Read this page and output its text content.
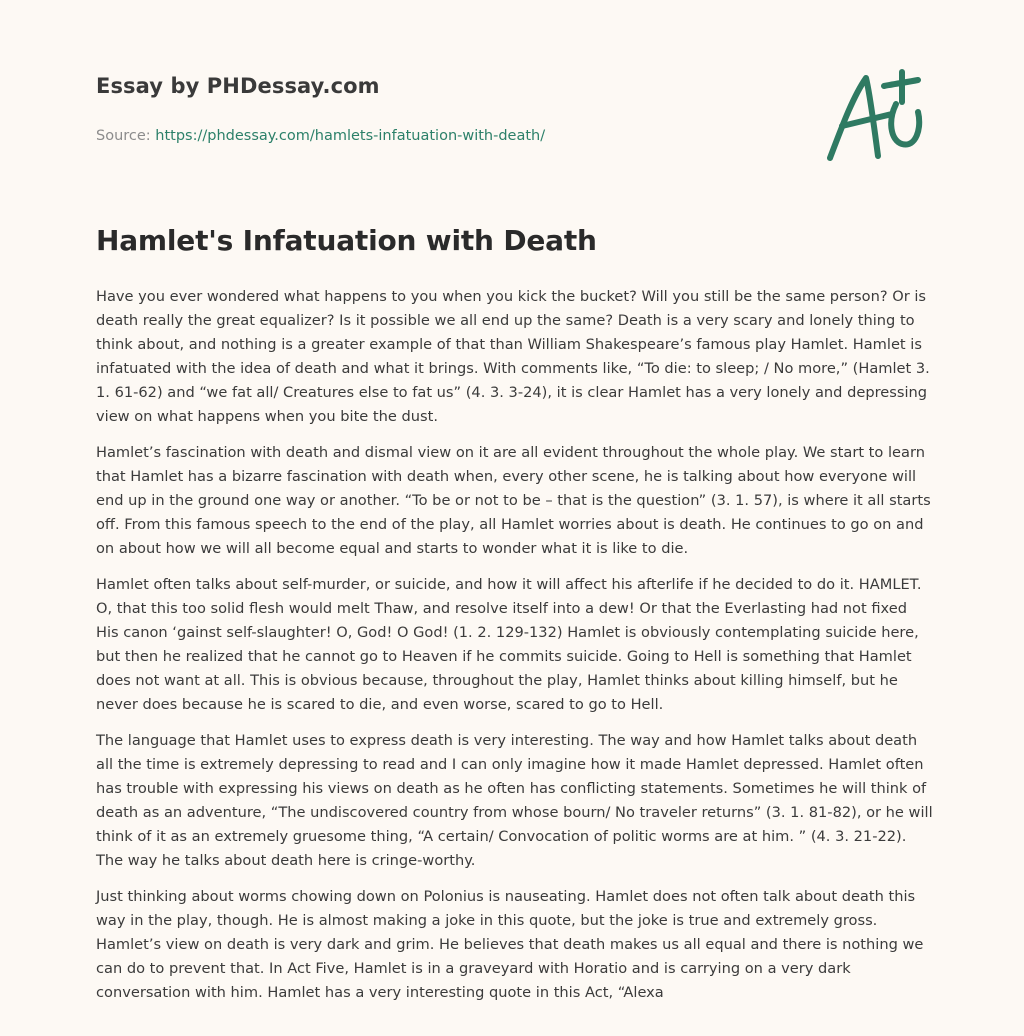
Essay by PHDessay.com
Source: https://phdessay.com/hamlets-infatuation-with-death/
Hamlet's Infatuation with Death

Have you ever wondered what happens to you when you kick the bucket? Will you still be the same person? Or is death really the great equalizer? Is it possible we all end up the same? Death is a very scary and lonely thing to think about, and nothing is a greater example of that than William Shakespeare’s famous play Hamlet. Hamlet is infatuated with the idea of death and what it brings. With comments like, “To die: to sleep; / No more,” (Hamlet 3. 1. 61-62) and “we fat all/ Creatures else to fat us” (4. 3. 3-24), it is clear Hamlet has a very lonely and depressing view on what happens when you bite the dust.

Hamlet’s fascination with death and dismal view on it are all evident throughout the whole play. We start to learn that Hamlet has a bizarre fascination with death when, every other scene, he is talking about how everyone will end up in the ground one way or another. “To be or not to be – that is the question” (3. 1. 57), is where it all starts off. From this famous speech to the end of the play, all Hamlet worries about is death. He continues to go on and on about how we will all become equal and starts to wonder what it is like to die.

Hamlet often talks about self-murder, or suicide, and how it will affect his afterlife if he decided to do it. HAMLET. O, that this too solid flesh would melt Thaw, and resolve itself into a dew! Or that the Everlasting had not fixed His canon ‘gainst self-slaughter! O, God! O God! (1. 2. 129-132) Hamlet is obviously contemplating suicide here, but then he realized that he cannot go to Heaven if he commits suicide. Going to Hell is something that Hamlet does not want at all. This is obvious because, throughout the play, Hamlet thinks about killing himself, but he never does because he is scared to die, and even worse, scared to go to Hell.

The language that Hamlet uses to express death is very interesting. The way and how Hamlet talks about death all the time is extremely depressing to read and I can only imagine how it made Hamlet depressed. Hamlet often has trouble with expressing his views on death as he often has conflicting statements. Sometimes he will think of death as an adventure, “The undiscovered country from whose bourn/ No traveler returns” (3. 1. 81-82), or he will think of it as an extremely gruesome thing, “A certain/ Convocation of politic worms are at him. ” (4. 3. 21-22). The way he talks about death here is cringe-worthy.

Just thinking about worms chowing down on Polonius is nauseating. Hamlet does not often talk about death this way in the play, though. He is almost making a joke in this quote, but the joke is true and extremely gross. Hamlet’s view on death is very dark and grim. He believes that death makes us all equal and there is nothing we can do to prevent that. In Act Five, Hamlet is in a graveyard with Horatio and is carrying on a very dark conversation with him. Hamlet has a very interesting quote in this Act, “Alexa
